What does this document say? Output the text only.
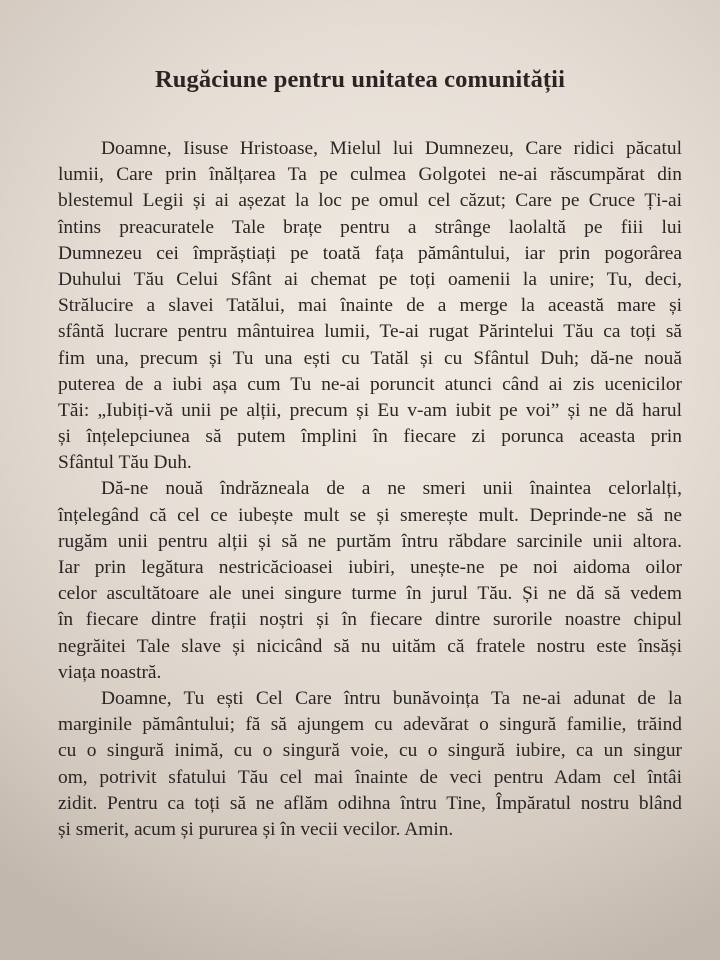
Rugăciune pentru unitatea comunității
Doamne, Iisuse Hristoase, Mielul lui Dumnezeu, Care ridici păcatul
lumii, Care prin înălțarea Ta pe culmea Golgotei ne-ai răscumpărat din
blestemul Legii și ai așezat la loc pe omul cel căzut; Care pe Cruce Ți-ai
întins preacuratele Tale brațe pentru a strânge laolaltă pe fiii lui
Dumnezeu cei împrăștiați pe toată fața pământului, iar prin pogorârea
Duhului Tău Celui Sfânt ai chemat pe toți oamenii la unire; Tu, deci,
Strălucire a slavei Tatălui, mai înainte de a merge la această mare și
sfântă lucrare pentru mântuirea lumii, Te-ai rugat Părintelui Tău ca toți să
fim una, precum și Tu una ești cu Tatăl și cu Sfântul Duh; dă-ne nouă
puterea de a iubi așa cum Tu ne-ai poruncit atunci când ai zis ucenicilor
Tăi: „Iubiți-vă unii pe alții, precum și Eu v-am iubit pe voi” și ne dă harul
și înțelepciunea să putem împlini în fiecare zi porunca aceasta prin
Sfântul Tău Duh.
Dă-ne nouă îndrăzneala de a ne smeri unii înaintea celorlalți,
înțelegând că cel ce iubește mult se și smerește mult. Deprinde-ne să ne
rugăm unii pentru alții și să ne purtăm întru răbdare sarcinile unii altora.
Iar prin legătura nestricăcioasei iubiri, unește-ne pe noi aidoma oilor
celor ascultătoare ale unei singure turme în jurul Tău. Și ne dă să vedem
în fiecare dintre frații noștri și în fiecare dintre surorile noastre chipul
negrăitei Tale slave și nicicând să nu uităm că fratele nostru este însăși
viața noastră.
Doamne, Tu ești Cel Care întru bunăvoința Ta ne-ai adunat de la
marginile pământului; fă să ajungem cu adevărat o singură familie, trăind
cu o singură inimă, cu o singură voie, cu o singură iubire, ca un singur
om, potrivit sfatului Tău cel mai înainte de veci pentru Adam cel întâi
zidit. Pentru ca toți să ne aflăm odihna întru Tine, Împăratul nostru blând
și smerit, acum și pururea și în vecii vecilor. Amin.
